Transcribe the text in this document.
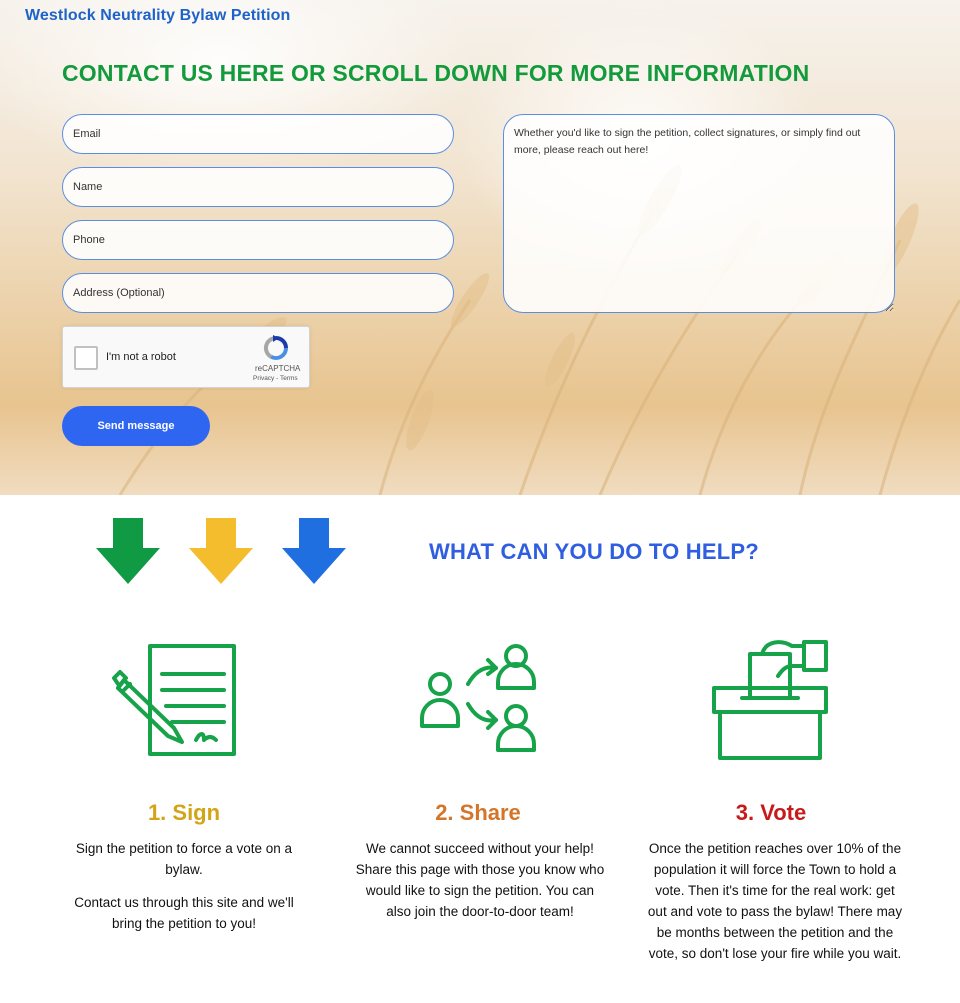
Westlock Neutrality Bylaw Petition
CONTACT US HERE OR SCROLL DOWN FOR MORE INFORMATION
Email
Name
Phone
Address (Optional)
Whether you'd like to sign the petition, collect signatures, or simply find out more, please reach out here!
I'm not a robot
reCAPTCHA
Privacy - Terms
Send message
WHAT CAN YOU DO TO HELP?
1. Sign	2. Share	3. Vote

Sign the petition to force a vote on a bylaw.

Contact us through this site and we'll bring the petition to you!

We cannot succeed without your help! Share this page with those you know who would like to sign the petition. You can also join the door-to-door team!

Once the petition reaches over 10% of the population it will force the Town to hold a vote. Then it's time for the real work: get out and vote to pass the bylaw! There may be months between the petition and the vote, so don't lose your fire while you wait.
